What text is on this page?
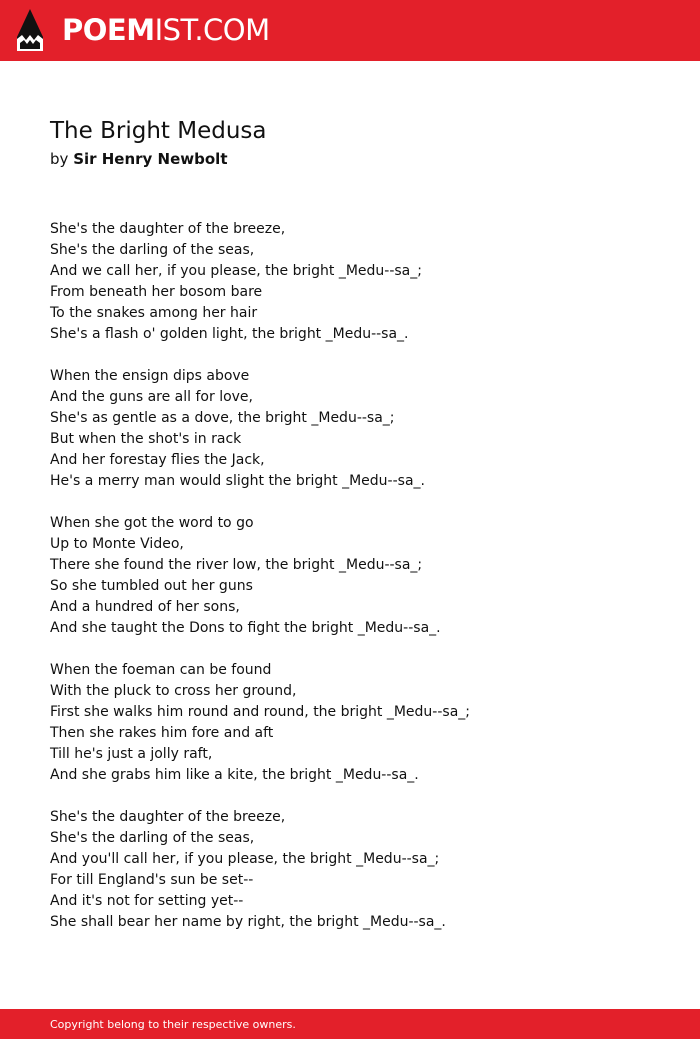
POEMIST.COM
The Bright Medusa
by Sir Henry Newbolt
She's the daughter of the breeze,
She's the darling of the seas,
And we call her, if you please, the bright _Medu--sa_;
From beneath her bosom bare
To the snakes among her hair
She's a flash o' golden light, the bright _Medu--sa_.
When the ensign dips above
And the guns are all for love,
She's as gentle as a dove, the bright _Medu--sa_;
But when the shot's in rack
And her forestay flies the Jack,
He's a merry man would slight the bright _Medu--sa_.
When she got the word to go
Up to Monte Video,
There she found the river low, the bright _Medu--sa_;
So she tumbled out her guns
And a hundred of her sons,
And she taught the Dons to fight the bright _Medu--sa_.
When the foeman can be found
With the pluck to cross her ground,
First she walks him round and round, the bright _Medu--sa_;
Then she rakes him fore and aft
Till he's just a jolly raft,
And she grabs him like a kite, the bright _Medu--sa_.
She's the daughter of the breeze,
She's the darling of the seas,
And you'll call her, if you please, the bright _Medu--sa_;
For till England's sun be set--
And it's not for setting yet--
She shall bear her name by right, the bright _Medu--sa_.
Copyright belong to their respective owners.
